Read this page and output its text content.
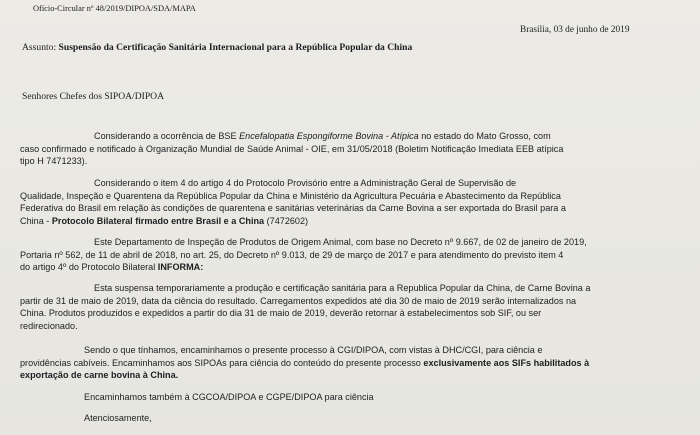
Ofício-Circular nº 48/2019/DIPOA/SDA/MAPA
Brasília, 03 de junho de 2019
Assunto: Suspensão da Certificação Sanitária Internacional para a República Popular da China
Senhores Chefes dos SIPOA/DIPOA
Considerando a ocorrência de BSE Encefalopatia Espongiforme Bovina - Atípica no estado do Mato Grosso, com
caso confirmado e notificado à Organização Mundial de Saúde Animal - OIE, em 31/05/2018 (Boletim Notificação Imediata EEB atípica
tipo H 7471233).
Considerando o item 4 do artigo 4 do Protocolo Provisório entre a Administração Geral de Supervisão de
Qualidade, Inspeção e Quarentena da República Popular da China e Ministério da Agricultura Pecuária e Abastecimento da República
Federativa do Brasil em relação às condições de quarentena e sanitárias veterinárias da Carne Bovina a ser exportada do Brasil para a
China - Protocolo Bilateral firmado entre Brasil e a China (7472602)
Este Departamento de Inspeção de Produtos de Origem Animal, com base no Decreto nº 9.667, de 02 de janeiro de 2019,
Portaria nº 562, de 11 de abril de 2018, no art. 25, do Decreto nº 9.013, de 29 de março de 2017 e para atendimento do previsto item 4
do artigo 4º do Protocolo Bilateral INFORMA:
Esta suspensa temporariamente a produção e certificação sanitária para a Republica Popular da China, de Carne Bovina a
partir de 31 de maio de 2019, data da ciência do resultado. Carregamentos expedidos até dia 30 de maio de 2019 serão internalizados na
China. Produtos produzidos e expedidos a partir do dia 31 de maio de 2019, deverão retornar à estabelecimentos sob SIF, ou ser
redirecionado.
Sendo o que tínhamos, encaminhamos o presente processo à CGI/DIPOA, com vistas à DHC/CGI, para ciência e
providências cabíveis. Encaminhamos aos SIPOAs para ciência do conteúdo do presente processo exclusivamente aos SIFs habilitados à
exportação de carne bovina à China.
Encaminhamos também à CGCOA/DIPOA e CGPE/DIPOA para ciência
Atenciosamente,
